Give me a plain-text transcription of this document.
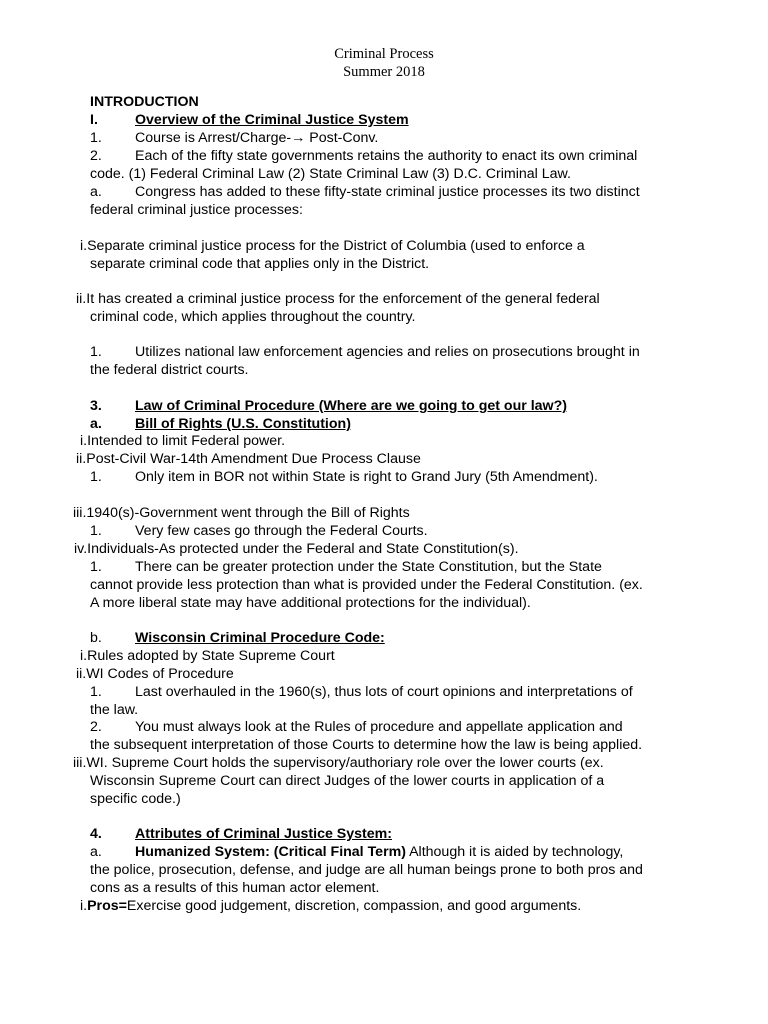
Criminal Process
Summer 2018
INTRODUCTION
I.	Overview of the Criminal Justice System
1. Course is Arrest/Charge-→ Post-Conv.
2. Each of the fifty state governments retains the authority to enact its own criminal
code. (1) Federal Criminal Law (2) State Criminal Law (3) D.C. Criminal Law.
a. Congress has added to these fifty-state criminal justice processes its two distinct
federal criminal justice processes:
i.Separate criminal justice process for the District of Columbia (used to enforce a
separate criminal code that applies only in the District.
ii.It has created a criminal justice process for the enforcement of the general federal
criminal code, which applies throughout the country.
1. Utilizes national law enforcement agencies and relies on prosecutions brought in
the federal district courts.
3. Law of Criminal Procedure (Where are we going to get our law?)
a. Bill of Rights (U.S. Constitution)
i.Intended to limit Federal power.
ii.Post-Civil War-14th Amendment Due Process Clause
1. Only item in BOR not within State is right to Grand Jury (5th Amendment).
iii.1940(s)-Government went through the Bill of Rights
1. Very few cases go through the Federal Courts.
iv.Individuals-As protected under the Federal and State Constitution(s).
1. There can be greater protection under the State Constitution, but the State
cannot provide less protection than what is provided under the Federal Constitution. (ex.
A more liberal state may have additional protections for the individual).
b. Wisconsin Criminal Procedure Code:
i.Rules adopted by State Supreme Court
ii.WI Codes of Procedure
1. Last overhauled in the 1960(s), thus lots of court opinions and interpretations of
the law.
2. You must always look at the Rules of procedure and appellate application and
the subsequent interpretation of those Courts to determine how the law is being applied.
iii.WI. Supreme Court holds the supervisory/authoriary role over the lower courts (ex.
Wisconsin Supreme Court can direct Judges of the lower courts in application of a
specific code.)
4. Attributes of Criminal Justice System:
a. Humanized System: (Critical Final Term) Although it is aided by technology,
the police, prosecution, defense, and judge are all human beings prone to both pros and
cons as a results of this human actor element.
i.Pros=Exercise good judgement, discretion, compassion, and good arguments.
